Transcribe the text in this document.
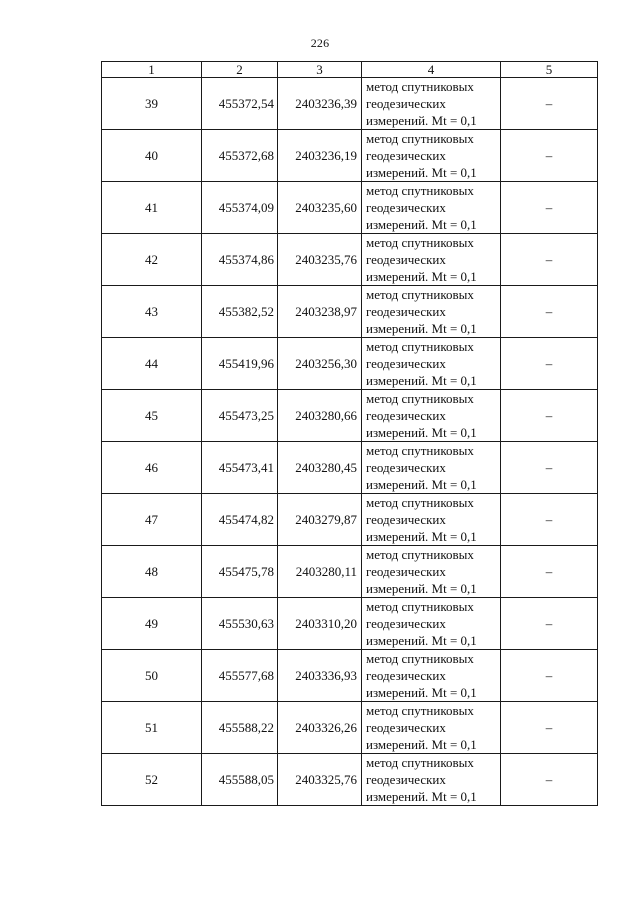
226
1	2	3	4	5
39	455372,54	2403236,39	метод спутниковых
геодезических
измерений. Mt = 0,1	–
40	455372,68	2403236,19	метод спутниковых
геодезических
измерений. Mt = 0,1	–
41	455374,09	2403235,60	метод спутниковых
геодезических
измерений. Mt = 0,1	–
42	455374,86	2403235,76	метод спутниковых
геодезических
измерений. Mt = 0,1	–
43	455382,52	2403238,97	метод спутниковых
геодезических
измерений. Mt = 0,1	–
44	455419,96	2403256,30	метод спутниковых
геодезических
измерений. Mt = 0,1	–
45	455473,25	2403280,66	метод спутниковых
геодезических
измерений. Mt = 0,1	–
46	455473,41	2403280,45	метод спутниковых
геодезических
измерений. Mt = 0,1	–
47	455474,82	2403279,87	метод спутниковых
геодезических
измерений. Mt = 0,1	–
48	455475,78	2403280,11	метод спутниковых
геодезических
измерений. Mt = 0,1	–
49	455530,63	2403310,20	метод спутниковых
геодезических
измерений. Mt = 0,1	–
50	455577,68	2403336,93	метод спутниковых
геодезических
измерений. Mt = 0,1	–
51	455588,22	2403326,26	метод спутниковых
геодезических
измерений. Mt = 0,1	–
52	455588,05	2403325,76	метод спутниковых
геодезических
измерений. Mt = 0,1	–
